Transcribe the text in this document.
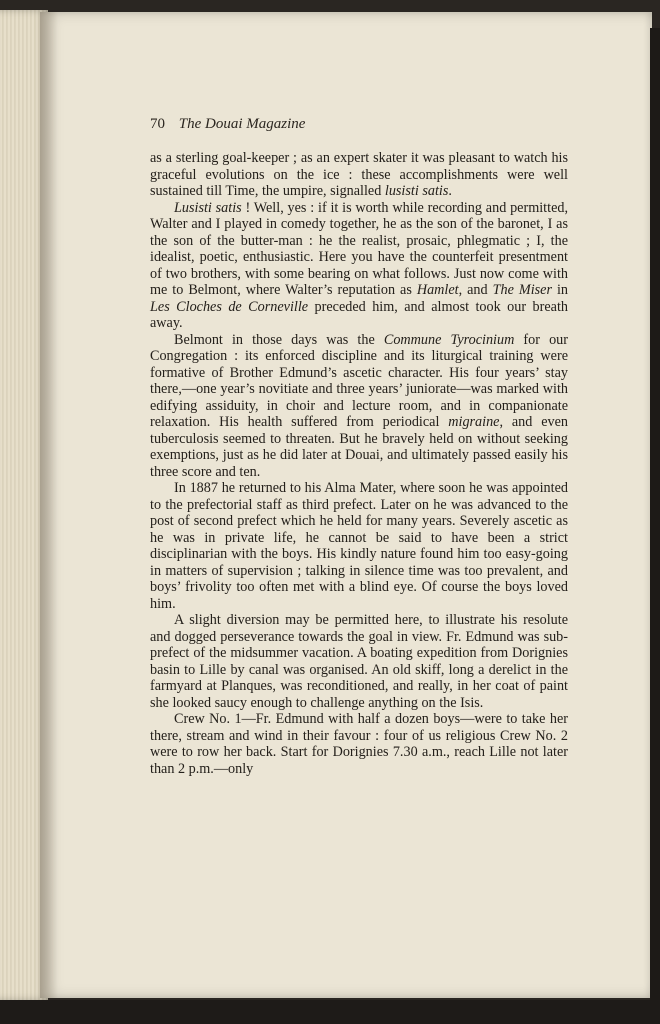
70 The Douai Magazine

as a sterling goal-keeper ; as an expert skater it was pleasant to watch his graceful evolutions on the ice : these accomplishments were well sustained till Time, the umpire, signalled lusisti satis.

Lusisti satis ! Well, yes : if it is worth while recording and permitted, Walter and I played in comedy together, he as the son of the baronet, I as the son of the butter-man : he the realist, prosaic, phlegmatic ; I, the idealist, poetic, enthusiastic. Here you have the counterfeit presentment of two brothers, with some bearing on what follows. Just now come with me to Belmont, where Walter’s reputation as Hamlet, and The Miser in Les Cloches de Corneville preceded him, and almost took our breath away.

Belmont in those days was the Commune Tyrocinium for our Congregation : its enforced discipline and its liturgical training were formative of Brother Edmund’s ascetic character. His four years’ stay there,—one year’s novitiate and three years’ juniorate—was marked with edifying assiduity, in choir and lecture room, and in companionate relaxation. His health suffered from periodical migraine, and even tuberculosis seemed to threaten. But he bravely held on without seeking exemptions, just as he did later at Douai, and ultimately passed easily his three score and ten.

In 1887 he returned to his Alma Mater, where soon he was appointed to the prefectorial staff as third prefect. Later on he was advanced to the post of second prefect which he held for many years. Severely ascetic as he was in private life, he cannot be said to have been a strict disciplinarian with the boys. His kindly nature found him too easy-going in matters of supervision ; talking in silence time was too prevalent, and boys’ frivolity too often met with a blind eye. Of course the boys loved him.

A slight diversion may be permitted here, to illustrate his resolute and dogged perseverance towards the goal in view. Fr. Edmund was sub-prefect of the midsummer vacation. A boating expedition from Dorignies basin to Lille by canal was organised. An old skiff, long a derelict in the farmyard at Planques, was reconditioned, and really, in her coat of paint she looked saucy enough to challenge anything on the Isis.

Crew No. 1—Fr. Edmund with half a dozen boys—were to take her there, stream and wind in their favour : four of us religious Crew No. 2 were to row her back. Start for Dorignies 7.30 a.m., reach Lille not later than 2 p.m.—only
